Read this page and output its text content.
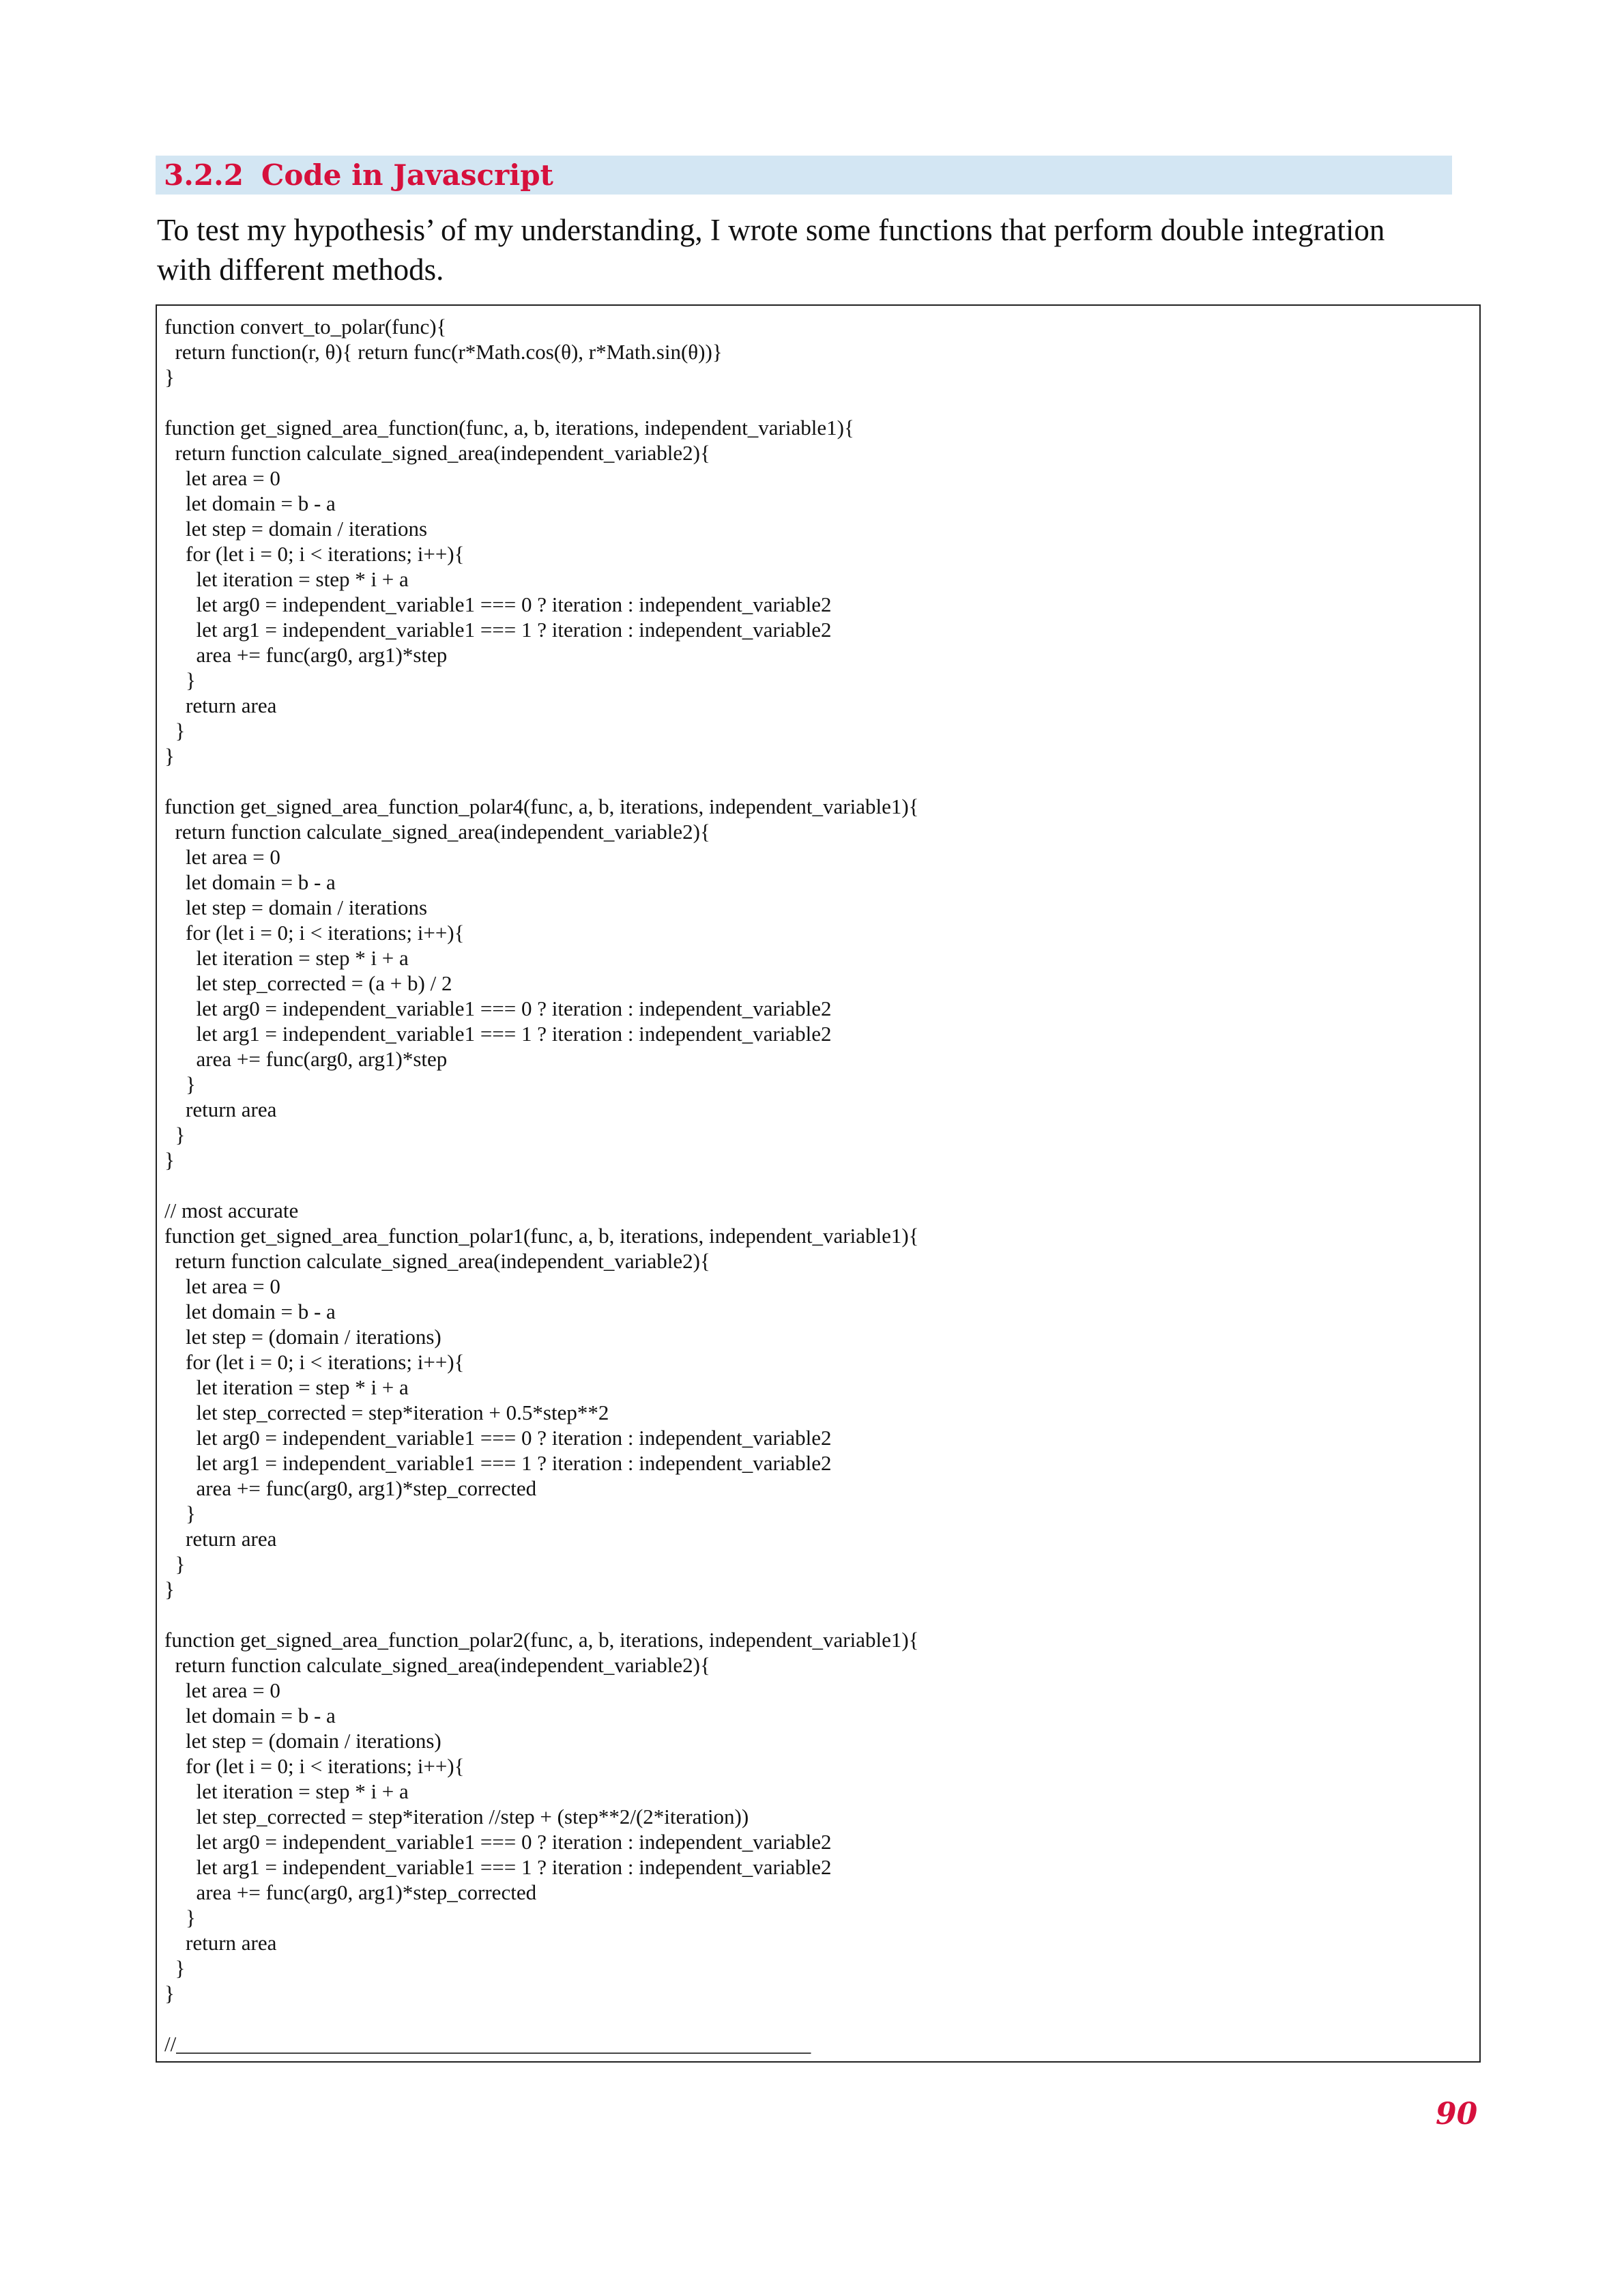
3.2.2 Code in Javascript
To test my hypothesis’ of my understanding, I wrote some functions that perform double integration
with different methods.
function convert_to_polar(func){
return function(r, θ){ return func(r*Math.cos(θ), r*Math.sin(θ))}
}
function get_signed_area_function(func, a, b, iterations, independent_variable1){
return function calculate_signed_area(independent_variable2){
let area = 0
let domain = b - a
let step = domain / iterations
for (let i = 0; i < iterations; i++){
let iteration = step * i + a
let arg0 = independent_variable1 === 0 ? iteration : independent_variable2
let arg1 = independent_variable1 === 1 ? iteration : independent_variable2
area += func(arg0, arg1)*step
}
return area
}
}
function get_signed_area_function_polar4(func, a, b, iterations, independent_variable1){
return function calculate_signed_area(independent_variable2){
let area = 0
let domain = b - a
let step = domain / iterations
for (let i = 0; i < iterations; i++){
let iteration = step * i + a
let step_corrected = (a + b) / 2
let arg0 = independent_variable1 === 0 ? iteration : independent_variable2
let arg1 = independent_variable1 === 1 ? iteration : independent_variable2
area += func(arg0, arg1)*step
}
return area
}
}
// most accurate
function get_signed_area_function_polar1(func, a, b, iterations, independent_variable1){
return function calculate_signed_area(independent_variable2){
let area = 0
let domain = b - a
let step = (domain / iterations)
for (let i = 0; i < iterations; i++){
let iteration = step * i + a
let step_corrected = step*iteration + 0.5*step**2
let arg0 = independent_variable1 === 0 ? iteration : independent_variable2
let arg1 = independent_variable1 === 1 ? iteration : independent_variable2
area += func(arg0, arg1)*step_corrected
}
return area
}
}
function get_signed_area_function_polar2(func, a, b, iterations, independent_variable1){
return function calculate_signed_area(independent_variable2){
let area = 0
let domain = b - a
let step = (domain / iterations)
for (let i = 0; i < iterations; i++){
let iteration = step * i + a
let step_corrected = step*iteration //step + (step**2/(2*iteration))
let arg0 = independent_variable1 === 0 ? iteration : independent_variable2
let arg1 = independent_variable1 === 1 ? iteration : independent_variable2
area += func(arg0, arg1)*step_corrected
}
return area
}
}
//____________________________________________________________
90
